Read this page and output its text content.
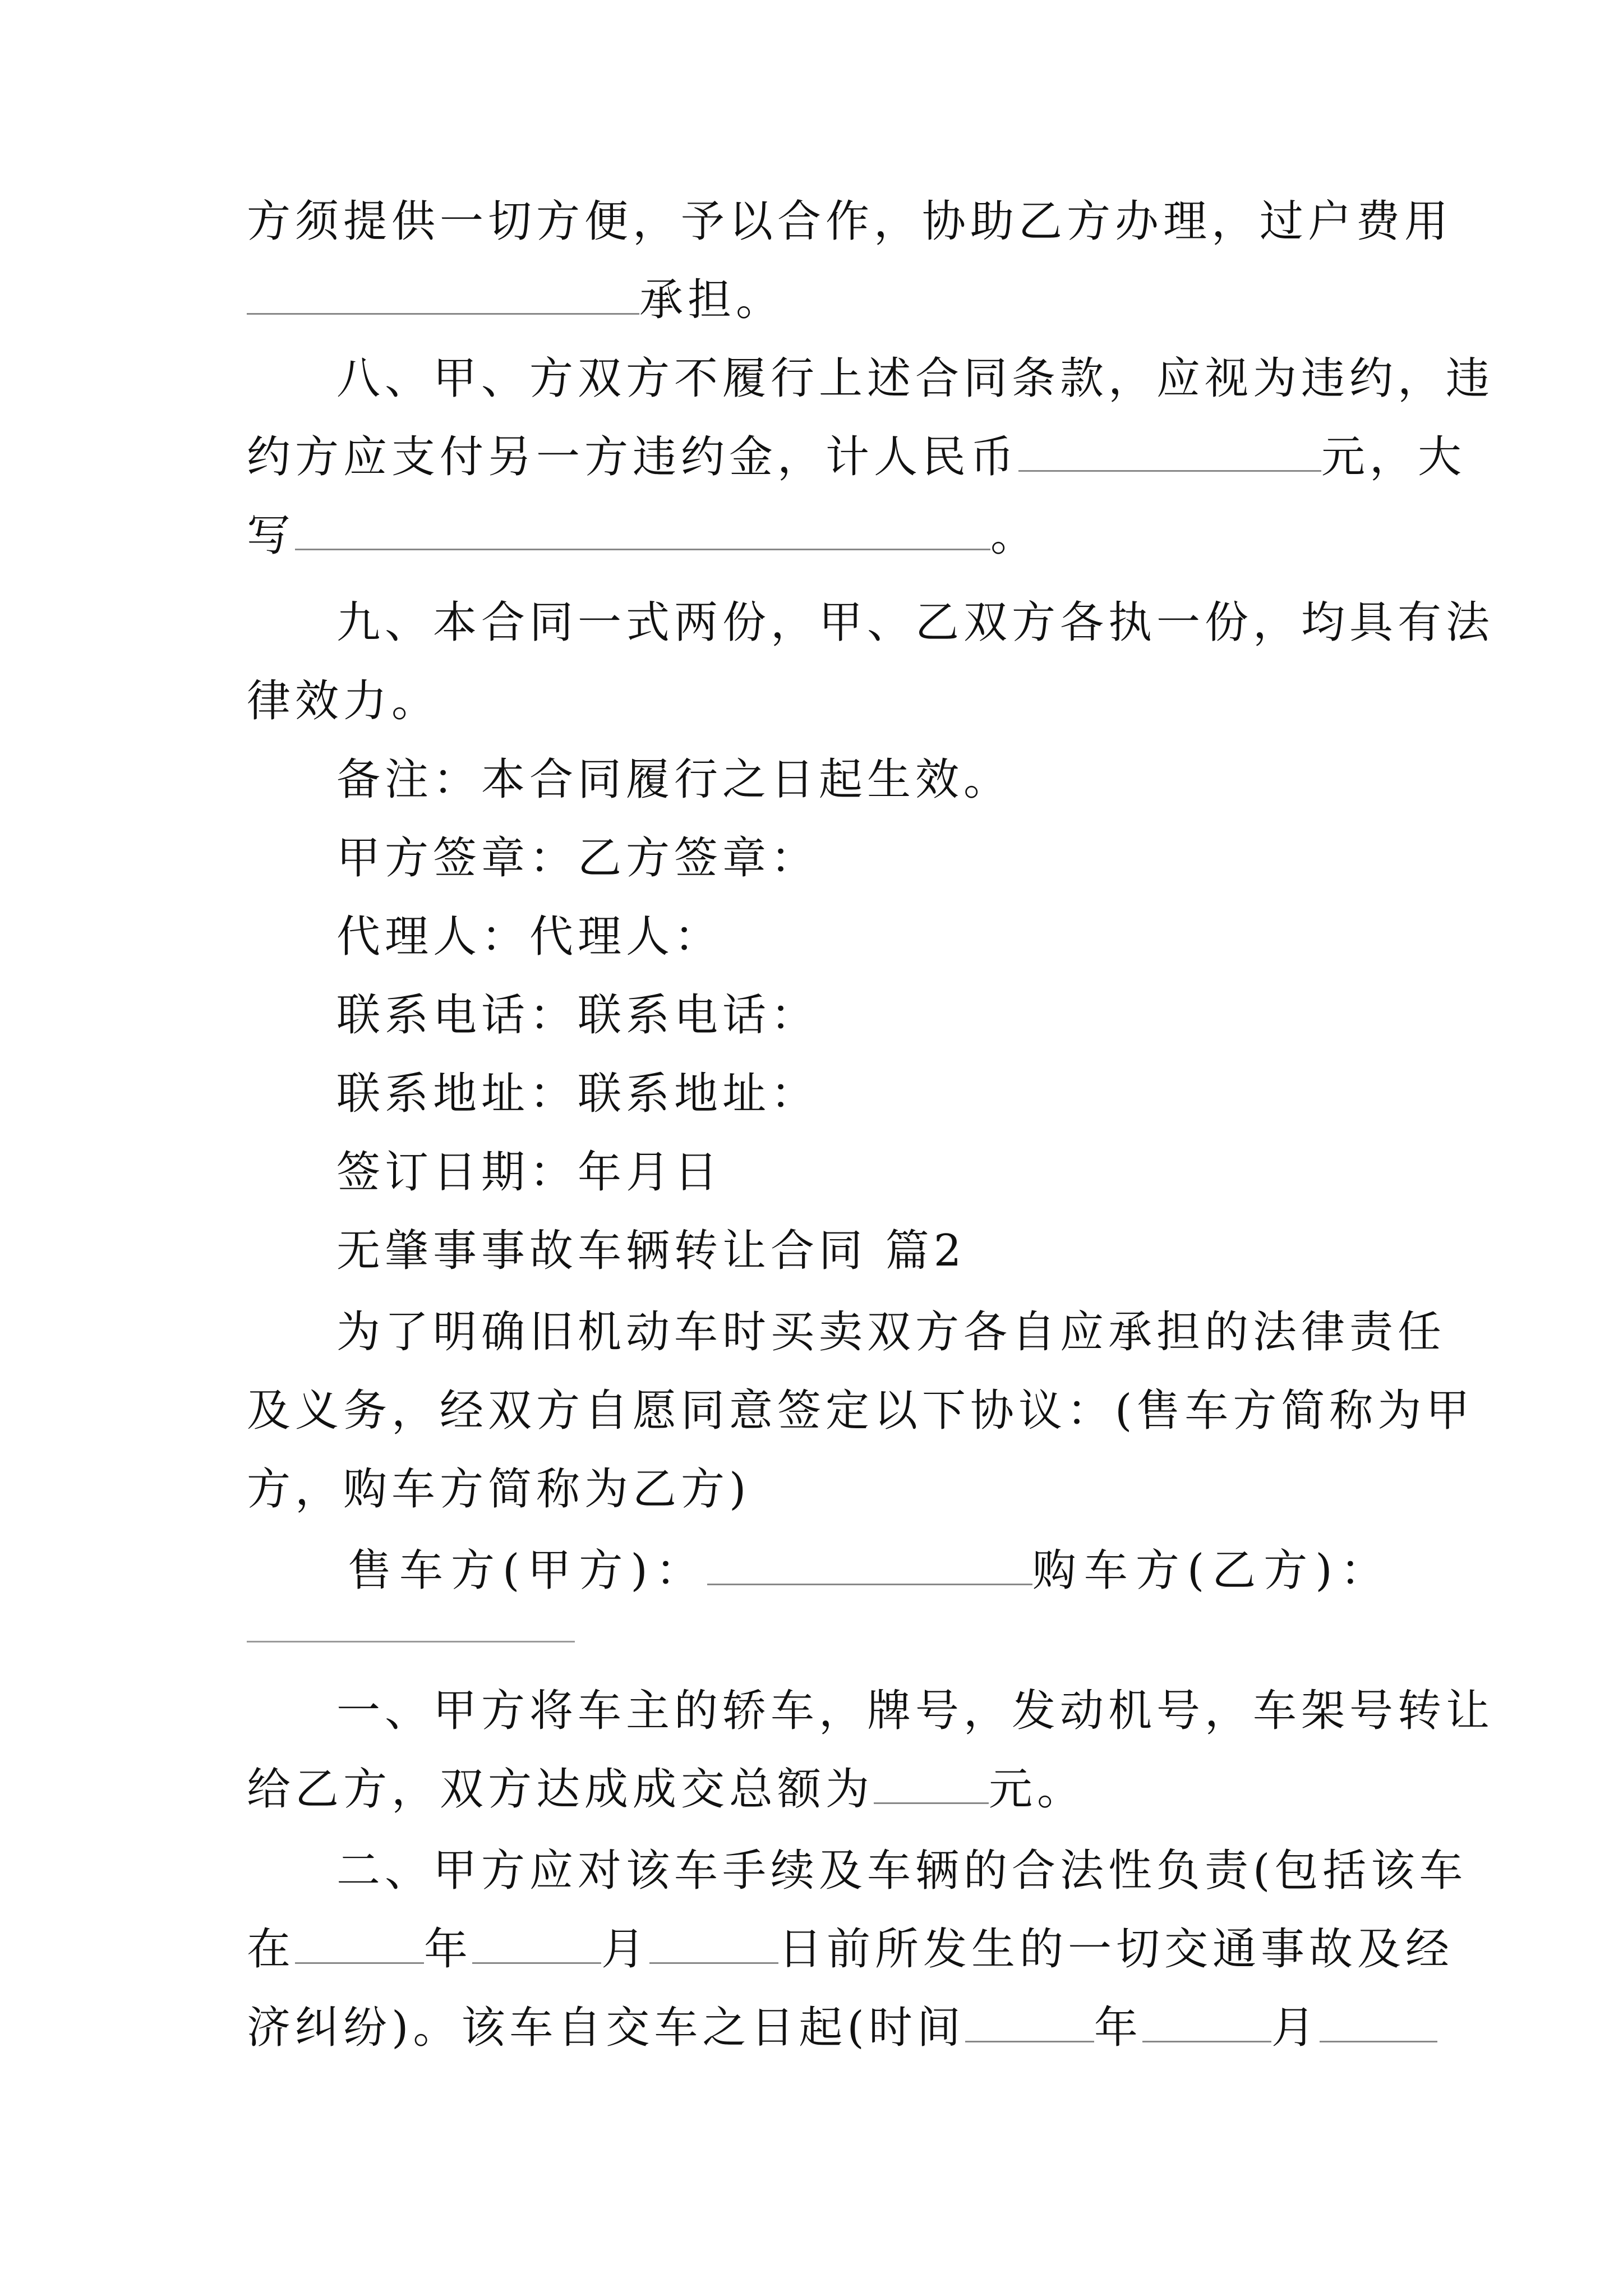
方须提供一切方便，予以合作，协助乙方办理，过户费用
承担。
八、甲、方双方不履行上述合同条款，应视为违约，违
约方应支付另一方违约金，计人民币	元，大
写	。
九、本合同一式两份，甲、乙双方各执一份，均具有法
律效力。
备注：本合同履行之日起生效。
甲方签章：乙方签章：
代理人：代理人：
联系电话：联系电话：
联系地址：联系地址：
签订日期：年月日
无肇事事故车辆转让合同 篇2
为了明确旧机动车时买卖双方各自应承担的法律责任
及义务，经双方自愿同意签定以下协议：(售车方简称为甲
方，购车方简称为乙方)
售车方(甲方)：	购车方(乙方)：
一、甲方将车主的轿车，牌号，发动机号，车架号转让
给乙方，双方达成成交总额为	元。
二、甲方应对该车手续及车辆的合法性负责(包括该车
在	年	月	日前所发生的一切交通事故及经
济纠纷)。该车自交车之日起(时间	年	月
